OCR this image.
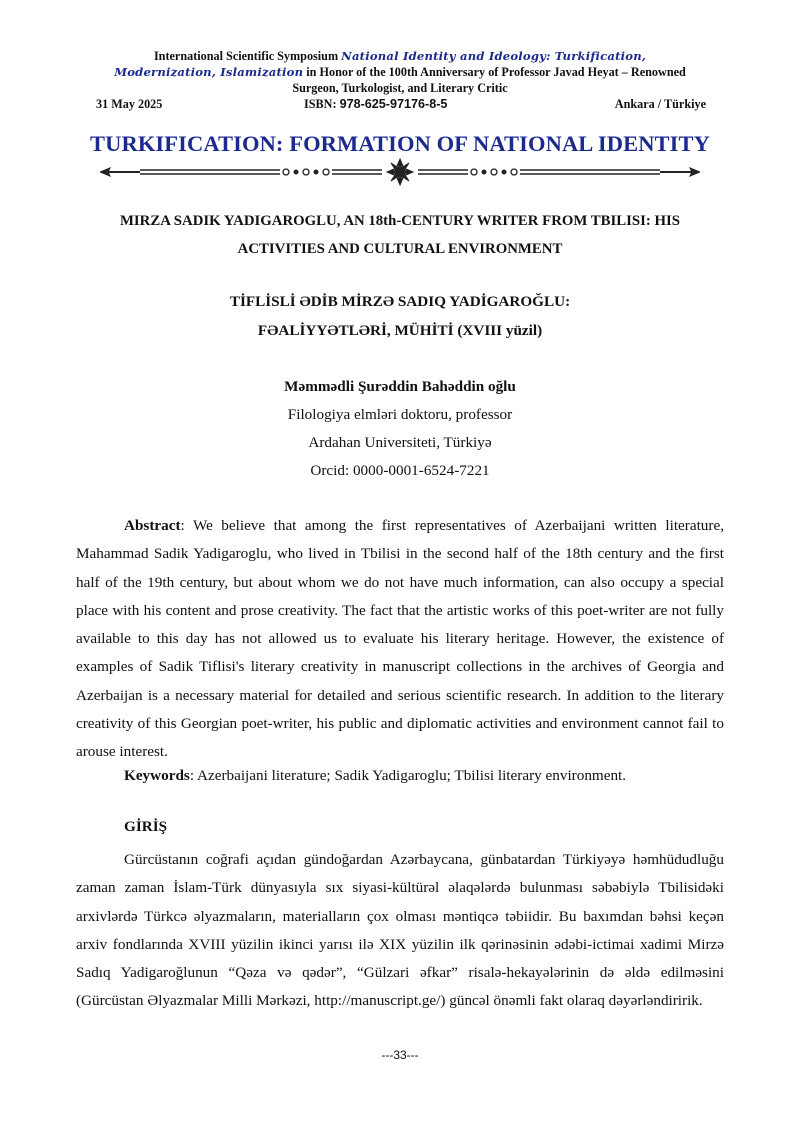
International Scientific Symposium National Identity and Ideology: Turkification,
Modernization, Islamization in Honor of the 100th Anniversary of Professor Javad Heyat – Renowned
Surgeon, Turkologist, and Literary Critic
31 May 2025	ISBN: 978-625-97176-8-5	Ankara / Türkiye
TURKIFICATION: FORMATION OF NATIONAL IDENTITY
MIRZA SADIK YADIGAROGLU, AN 18th-CENTURY WRITER FROM TBILISI: HIS
ACTIVITIES AND CULTURAL ENVIRONMENT
TİFLİSLİ ƏDİB MİRZƏ SADIQ YADİGAROĞLU:
FƏALİYYƏTLƏRİ, MÜHİTİ (XVIII yüzil)
Məmmədli Şurəddin Bahəddin oğlu
Filologiya elmləri doktoru, professor
Ardahan Universiteti, Türkiyə
Orcid: 0000-0001-6524-7221

Abstract: We believe that among the first representatives of Azerbaijani written literature, Mahammad Sadik Yadigaroglu, who lived in Tbilisi in the second half of the 18th century and the first half of the 19th century, but about whom we do not have much information, can also occupy a special place with his content and prose creativity. The fact that the artistic works of this poet-writer are not fully available to this day has not allowed us to evaluate his literary heritage. However, the existence of examples of Sadik Tiflisi's literary creativity in manuscript collections in the archives of Georgia and Azerbaijan is a necessary material for detailed and serious scientific research. In addition to the literary creativity of this Georgian poet-writer, his public and diplomatic activities and environment cannot fail to arouse interest.

Keywords: Azerbaijani literature; Sadik Yadigaroglu; Tbilisi literary environment.

GİRİŞ

Gürcüstanın coğrafi açıdan gündoğardan Azərbaycana, günbatardan Türkiyəyə həmhüdudluğu zaman zaman İslam-Türk dünyasıyla sıx siyasi-kültürəl əlaqələrdə bulunması səbəbiylə Tbilisidəki arxivlərdə Türkcə əlyazmaların, materialların çox olması məntiqcə təbiidir. Bu baxımdan bəhsi keçən arxiv fondlarında XVIII yüzilin ikinci yarısı ilə XIX yüzilin ilk qərinəsinin ədəbi-ictimai xadimi Mirzə Sadıq Yadigaroğlunun “Qəza və qədər”, “Gülzari əfkar” risalə-hekayələrinin də əldə edilməsini (Gürcüstan Əlyazmalar Milli Mərkəzi, http://manuscript.ge/) güncəl önəmli fakt olaraq dəyərləndiririk.

---33---
